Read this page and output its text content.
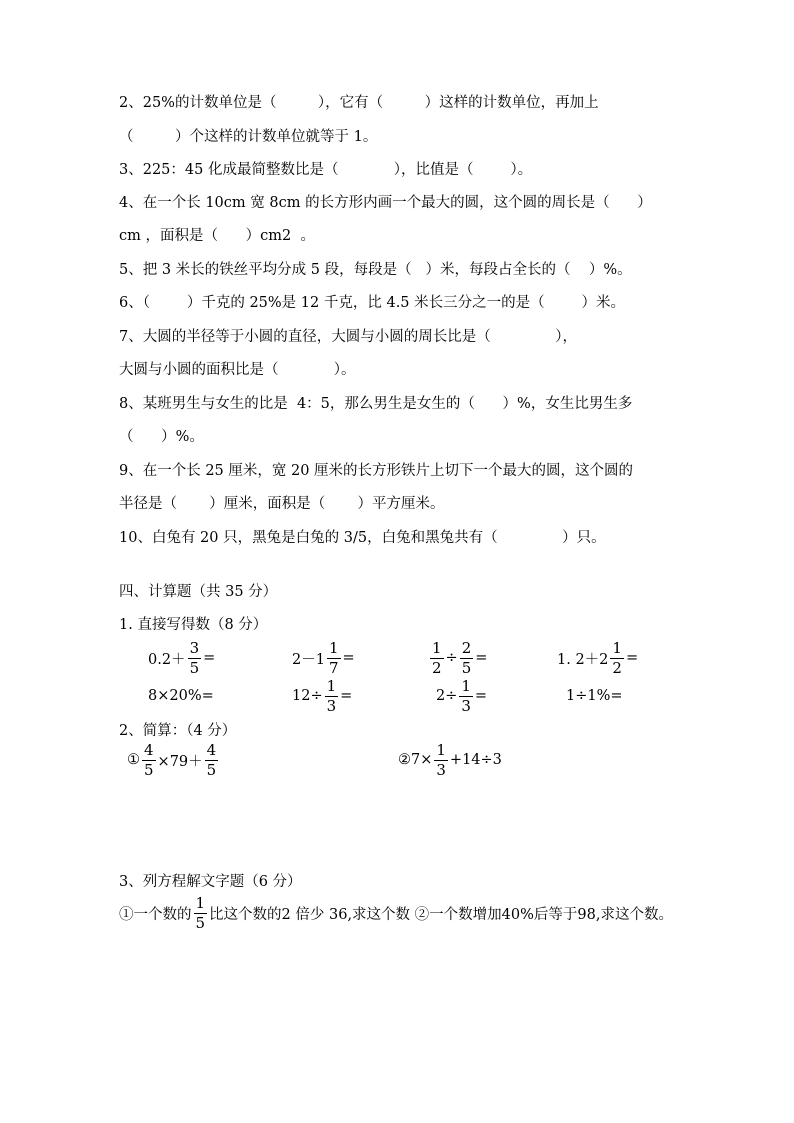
2、25%的计数单位是（         ），它有（         ）这样的计数单位，再加上
（         ）个这样的计数单位就等于 1。
3、225：45 化成最简整数比是（            ），比值是（        ）。
4、在一个长 10cm 宽 8cm 的长方形内画一个最大的圆，这个圆的周长是（      ）
cm ，面积是（      ）cm2  。
5、把 3 米长的铁丝平均分成 5 段，每段是（   ）米，每段占全长的（    ）%。
6、（        ）千克的 25%是 12 千克，比 4.5 米长三分之一的是（        ）米。
7、大圆的半径等于小圆的直径，大圆与小圆的周长比是（              ），
大圆与小圆的面积比是（            ）。
8、某班男生与女生的比是  4：5，那么男生是女生的（      ）%，女生比男生多
（      ）%。
9、在一个长 25 厘米，宽 20 厘米的长方形铁片上切下一个最大的圆，这个圆的
半径是（       ）厘米，面积是（       ）平方厘米。
10、白兔有 20 只，黑兔是白兔的 3/5，白兔和黑兔共有（              ）只。
四、计算题（共 35 分）
1. 直接写得数（8 分）
$0.2+ \frac{3}{5}$ =	$2-1 \frac{1}{7}$ =	$\frac{1}{2} \div \frac{2}{5}$ =	1. $2+2 \frac{1}{2}$ =
8×20%=	$12\div \frac{1}{3}$ =	$2\div \frac{1}{3}$ =	1÷1%=
2、简算：（4 分）
① $\frac{4}{5} \times 79+ \frac{4}{5}$	②7× $\frac{1}{3} +14\div 3$
3、列方程解文字题（6 分）
①一个数的 $\frac{1}{5}$ 比这个数的2 倍少 36,求这个数 ②一个数增加40%后等于98,求这个数。
